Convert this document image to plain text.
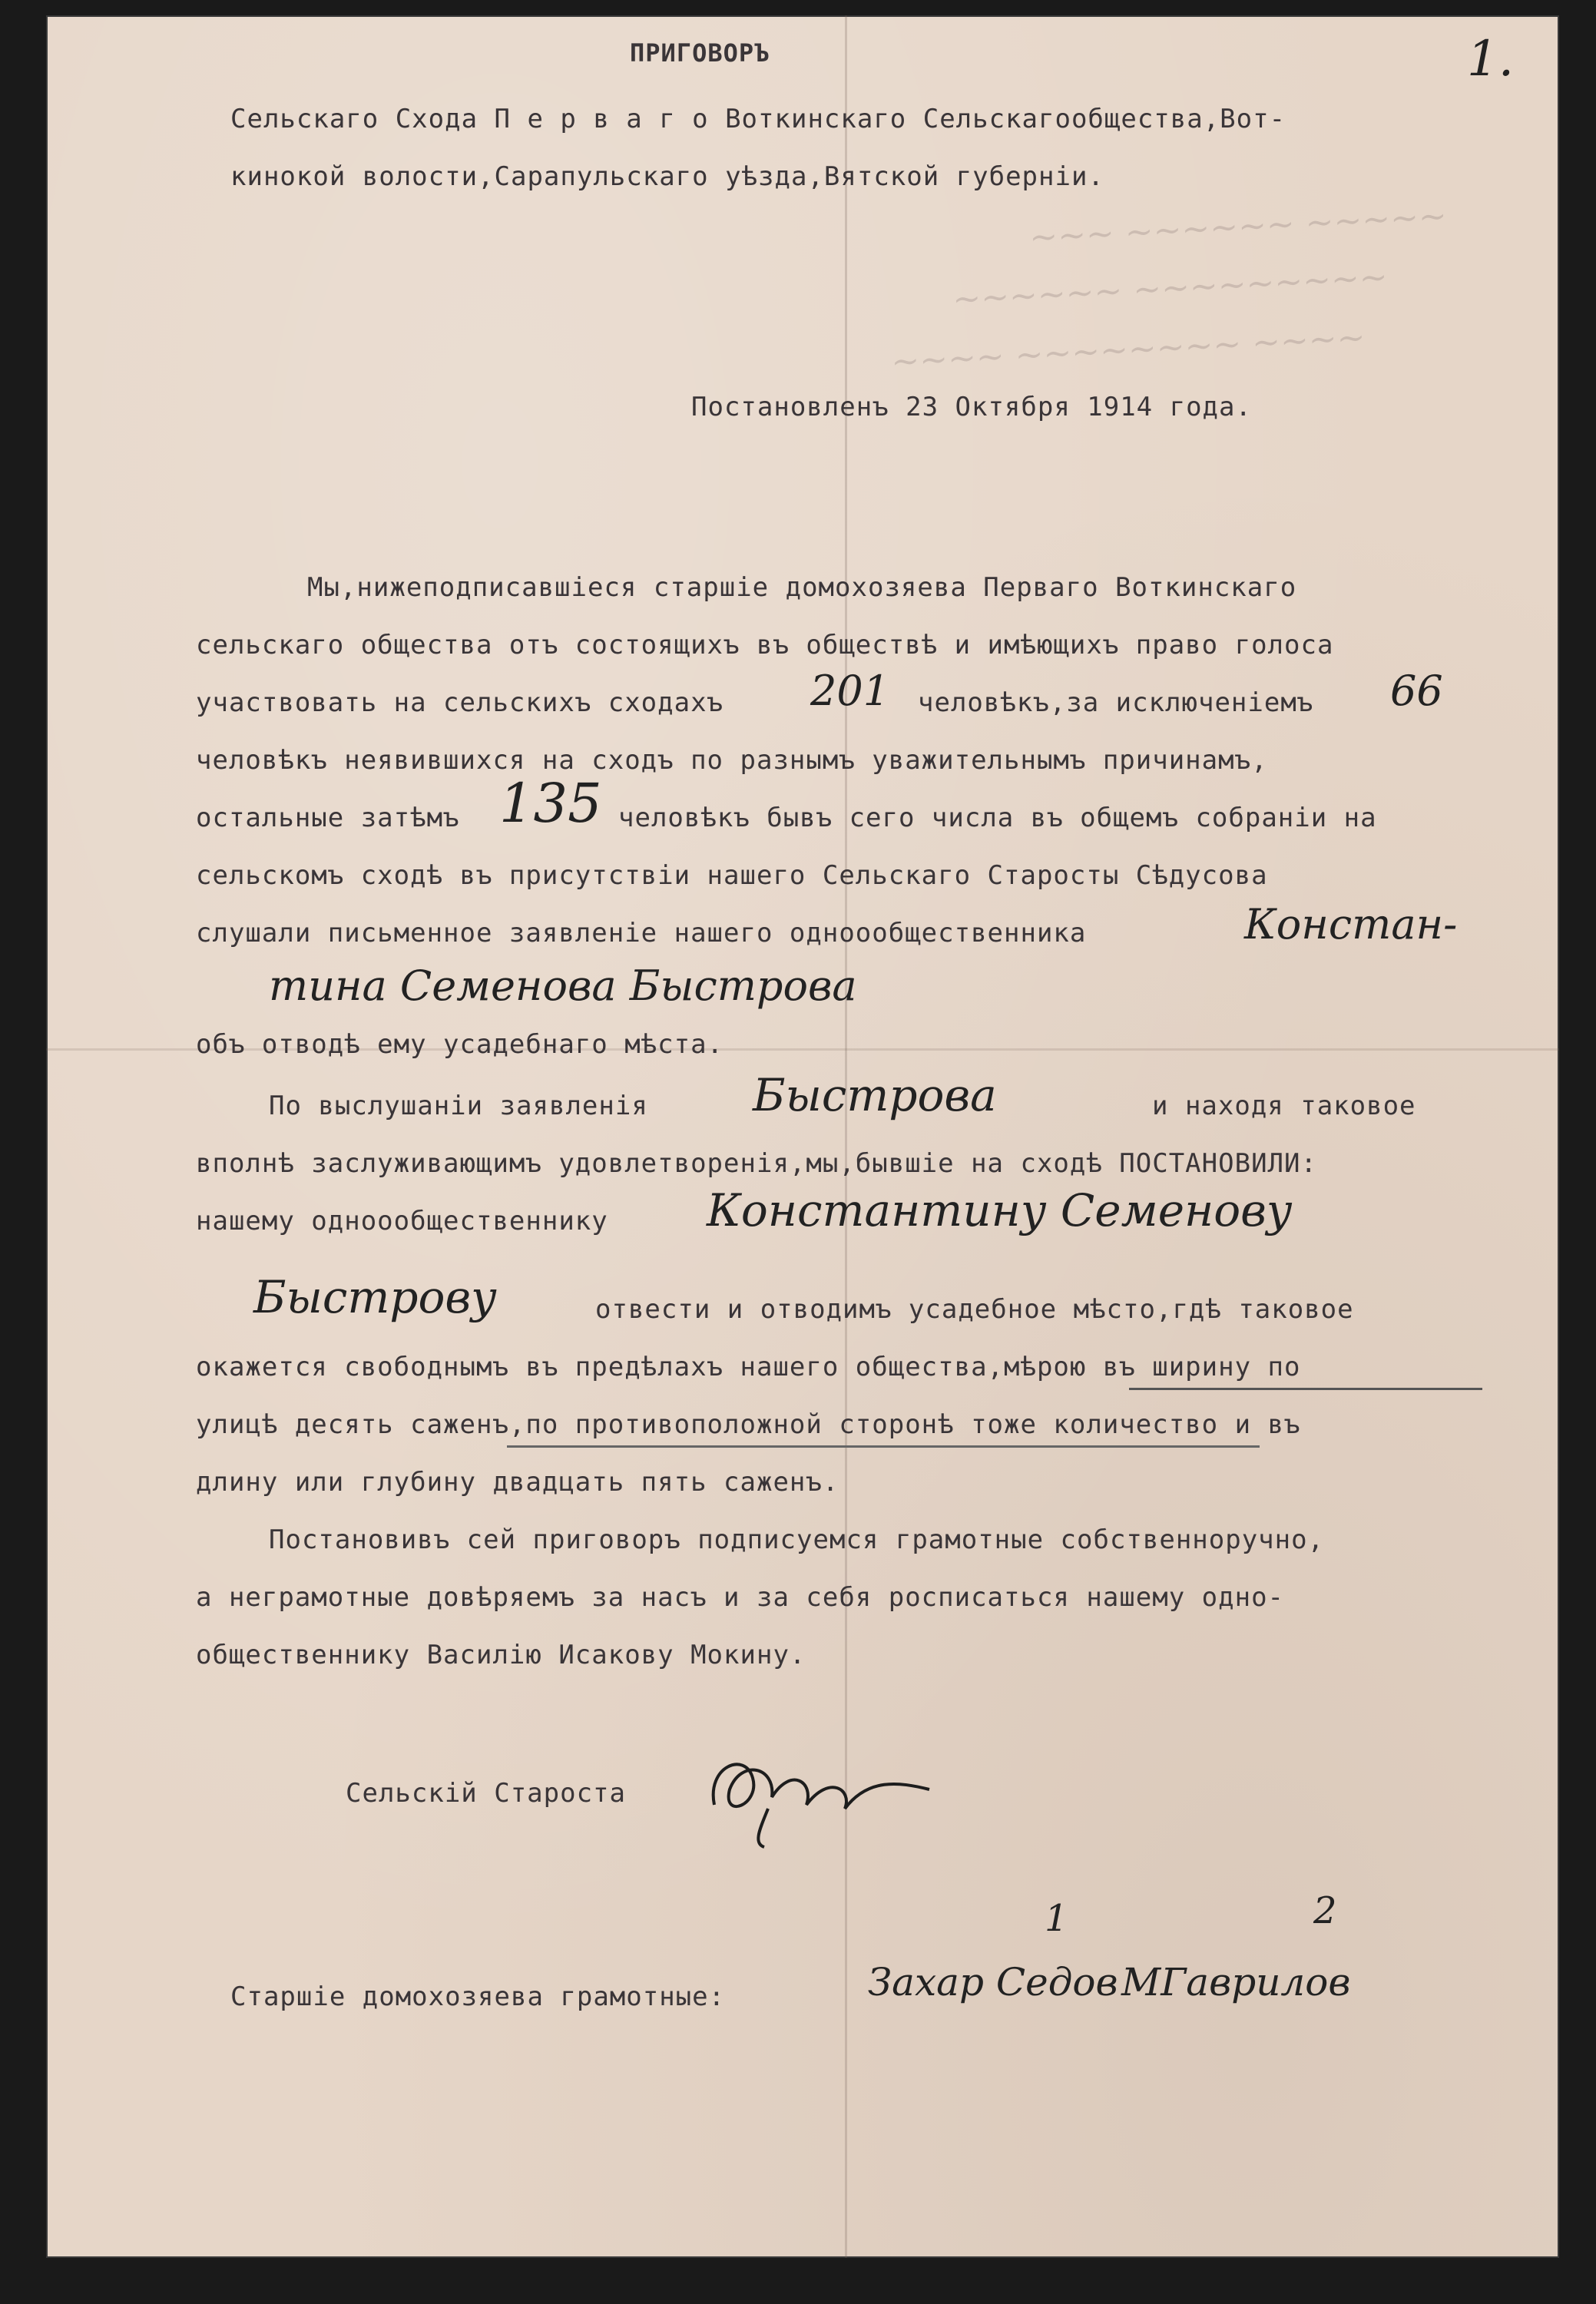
~~~ ~~~~~~ ~~~~~
~~~~~~ ~~~~~~~~~
~~~~ ~~~~~~~~ ~~~~
1.
ПРИГОВОРЪ
Сельскаго Схода П е р в а г о Воткинскаго Сельскагообщества,Вот-
кинокой волости,Сарапульскаго уѣзда,Вятской губерніи.
Постановленъ 23 Октября 1914 года.
Мы,нижеподписавшіеся старшіе домохозяева Перваго Воткинскаго
сельскаго общества отъ состоящихъ въ обществѣ и имѣющихъ право голоса
участвовать на сельскихъ сходахъ 201 человѣкъ,за исключеніемъ 66
человѣкъ неявившихся на сходъ по разнымъ уважительнымъ причинамъ,
остальные затѣмъ 135 человѣкъ бывъ сего числа въ общемъ собраніи на
сельскомъ сходѣ въ присутствіи нашего Сельскаго Старосты Сѣдусова
слушали письменное заявленіе нашего одноообщественника	Констан-
тина Семенова Быстрова
объ отводѣ ему усадебнаго мѣста.
По выслушаніи заявленія Быстрова	и находя таковое
вполнѣ заслуживающимъ удовлетворенія,мы,бывшіе на сходѣ ПОСТАНОВИЛИ:
нашему одноообщественнику Константину Семенову
Быстрову	отвести и отводимъ усадебное мѣсто,гдѣ таковое
окажется свободнымъ въ предѣлахъ нашего общества,мѣрою въ ширину по
улицѣ десять саженъ,по противоположной сторонѣ тоже количество и въ
длину или глубину двадцать пять саженъ.
Постановивъ сей приговоръ подписуемся грамотные собственноручно,
а неграмотные довѣряемъ за насъ и за себя росписаться нашему одно-
общественнику Василію Исакову Мокину.
Сельскій Староста
Старшіе домохозяева грамотные:
1
Захар Седов
2
МГаврилов
